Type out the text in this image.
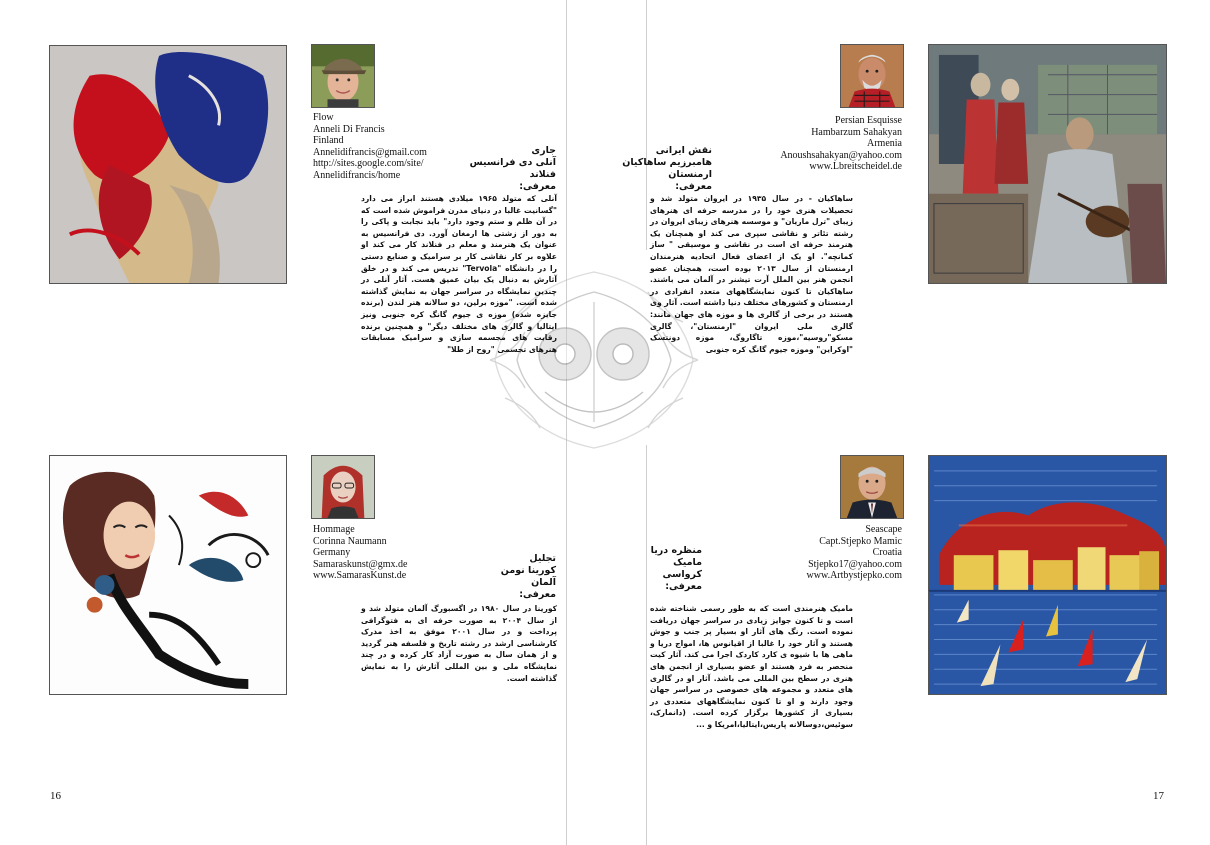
Flow
Anneli Di Francis
Finland
Annelidifrancis@gmail.com
http://sites.google.com/site/
Annelidifrancis/home
جاری
آنلی دی فرانسیس
فنلاند
معرفی:
آنلی که متولد ۱۹۶۵ میلادی هستند ابراز می دارد "گسانیت غالبا در دنیای مدرن فراموش شده است که در آن ظلم و ستم وجود دارد" باید نجابت و پاکی را به دور از زشتی ها ارمغان آورد. دی فرانسیس به عنوان یک هنرمند و معلم در فنلاند کار می کند او علاوه بر کار نقاشی کار بر سرامیک و صنایع دستی را در دانشگاه "Tervola" تدریس می کند و در خلق آثارش به دنبال یک بیان عمیق هست. آثار آنلی در چندین نمایشگاه در سراسر جهان به نمایش گذاشته شده است. "موزه برلین، دو سالانه هنر لندن (برنده جایزه شده) موزه ی جیوم گانگ کره جنوبی ونیز ایتالیا و گالری های مختلف دیگر" و همچنین برنده رقابت های مجسمه سازی و سرامیک مسابقات هنرهای تجسمی "روح از طلا"
Persian Esquisse
Hambarzum Sahakyan
Armenia
Anoushsahakyan@yahoo.com
www.Lbreitscheidel.de
نقش ایرانی
هامبرزیم ساهاکیان
ارمنستان
معرفی:
ساهاکیان - در سال ۱۹۳۵ در ایروان متولد شد و تحصیلات هنری خود را در مدرسه حرفه ای هنرهای زیبای "ترل ماریان" و موسسه هنرهای زیبای ایروان در رشته تئاتر و نقاشی سپری می کند او همچنان یک هنرمند حرفه ای است در نقاشی و موسیقی " ساز کمانچه". او یک از اعضای فعال اتحادیه هنرمندان ارمنستان از سال ۲۰۱۳ بوده است، همچنان عضو انجمن هنر بین الملل آرت تیشنر در آلمان می باشند. ساهاکیان تا کنون نمایشگاههای متعدد انفرادی در ارمنستان و کشورهای مختلف دنیا داشته است. آثار وی هستند در برخی از گالری ها و موزه های جهان مانند: گالری ملی ایروان "ارمنستان"، گالری مسکو"روسیه"،موزه تاگاروگ، موزه دونتسک "اوکراین" وموزه جیوم گانگ کره جنوبی
Hommage
Corinna Naumann
Germany
Samaraskunst@gmx.de
www.SamarasKunst.de
تجلیل
کورینا نومن
آلمان
معرفی:
کورینا در سال ۱۹۸۰ در اگسبورگ آلمان متولد شد و از سال ۲۰۰۴ به صورت حرفه ای به فتوگرافی پرداخت و در سال ۲۰۰۱ موفق به اخذ مدرک کارشناسی ارشد در رشته تاریخ و فلسفه هنر گردید و از همان سال به صورت آزاد کار کرده و در چند نمایشگاه ملی و بین المللی آثارش را به نمایش گذاشته است.
Seascape
Capt.Stjepko Mamic
Croatia
Stjepko17@yahoo.com
www.Artbystjepko.com
منظره دریا
مامیک
کرواسی
معرفی:
مامیک هنرمندی است که به طور رسمی شناخته شده است و تا کنون جوایز زیادی در سراسر جهان دریافت نموده است. رنگ های آثار او بسیار پر جنب و جوش هستند و آثار خود را غالبا از اقیانوس ها، امواج دریا و ماهی ها با شیوه ی کارد کاردک اجرا می کند. آثار کیت منحصر به فرد هستند او عضو بسیاری از انجمن های هنری در سطح بین المللی می باشد. آثار او در گالری های متعدد و مجموعه های خصوصی در سراسر جهان وجود دارند و او تا کنون نمایشگاههای متعددی در بسیاری از کشورها برگزار کرده است. (دانمارک، سوئیس،دوسالانه پاریس،ایتالیا،امریکا و ...
16	17
